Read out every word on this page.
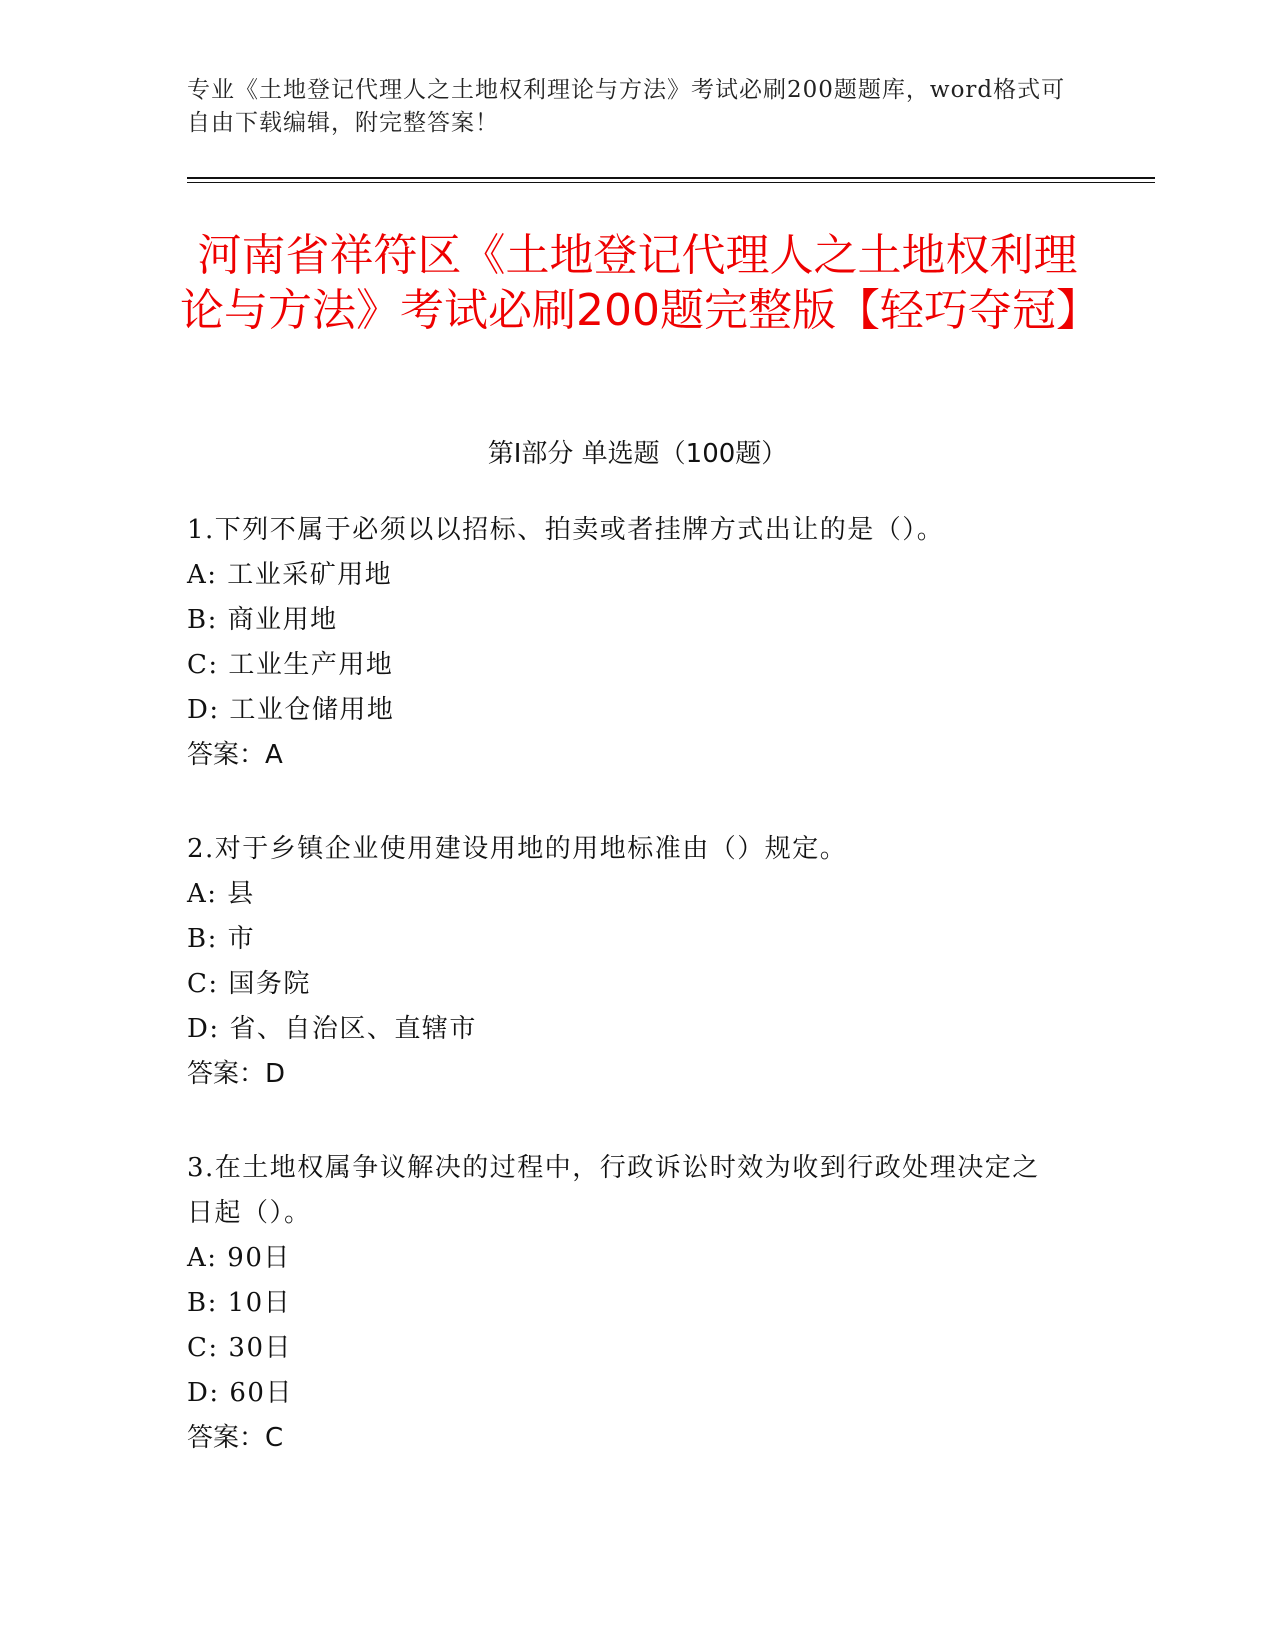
专业《土地登记代理人之土地权利理论与方法》考试必刷200题题库，word格式可自由下载编辑，附完整答案！
河南省祥符区《土地登记代理人之土地权利理论与方法》考试必刷200题完整版【轻巧夺冠】
第I部分 单选题（100题）

1.下列不属于必须以以招标、拍卖或者挂牌方式出让的是（）。

A: 工业采矿用地

B: 商业用地

C: 工业生产用地

D: 工业仓储用地

答案：A

2.对于乡镇企业使用建设用地的用地标准由（）规定。

A: 县

B: 市

C: 国务院

D: 省、自治区、直辖市

答案：D

3.在土地权属争议解决的过程中，行政诉讼时效为收到行政处理决定之日起（）。

A: 90日

B: 10日

C: 30日

D: 60日

答案：C
